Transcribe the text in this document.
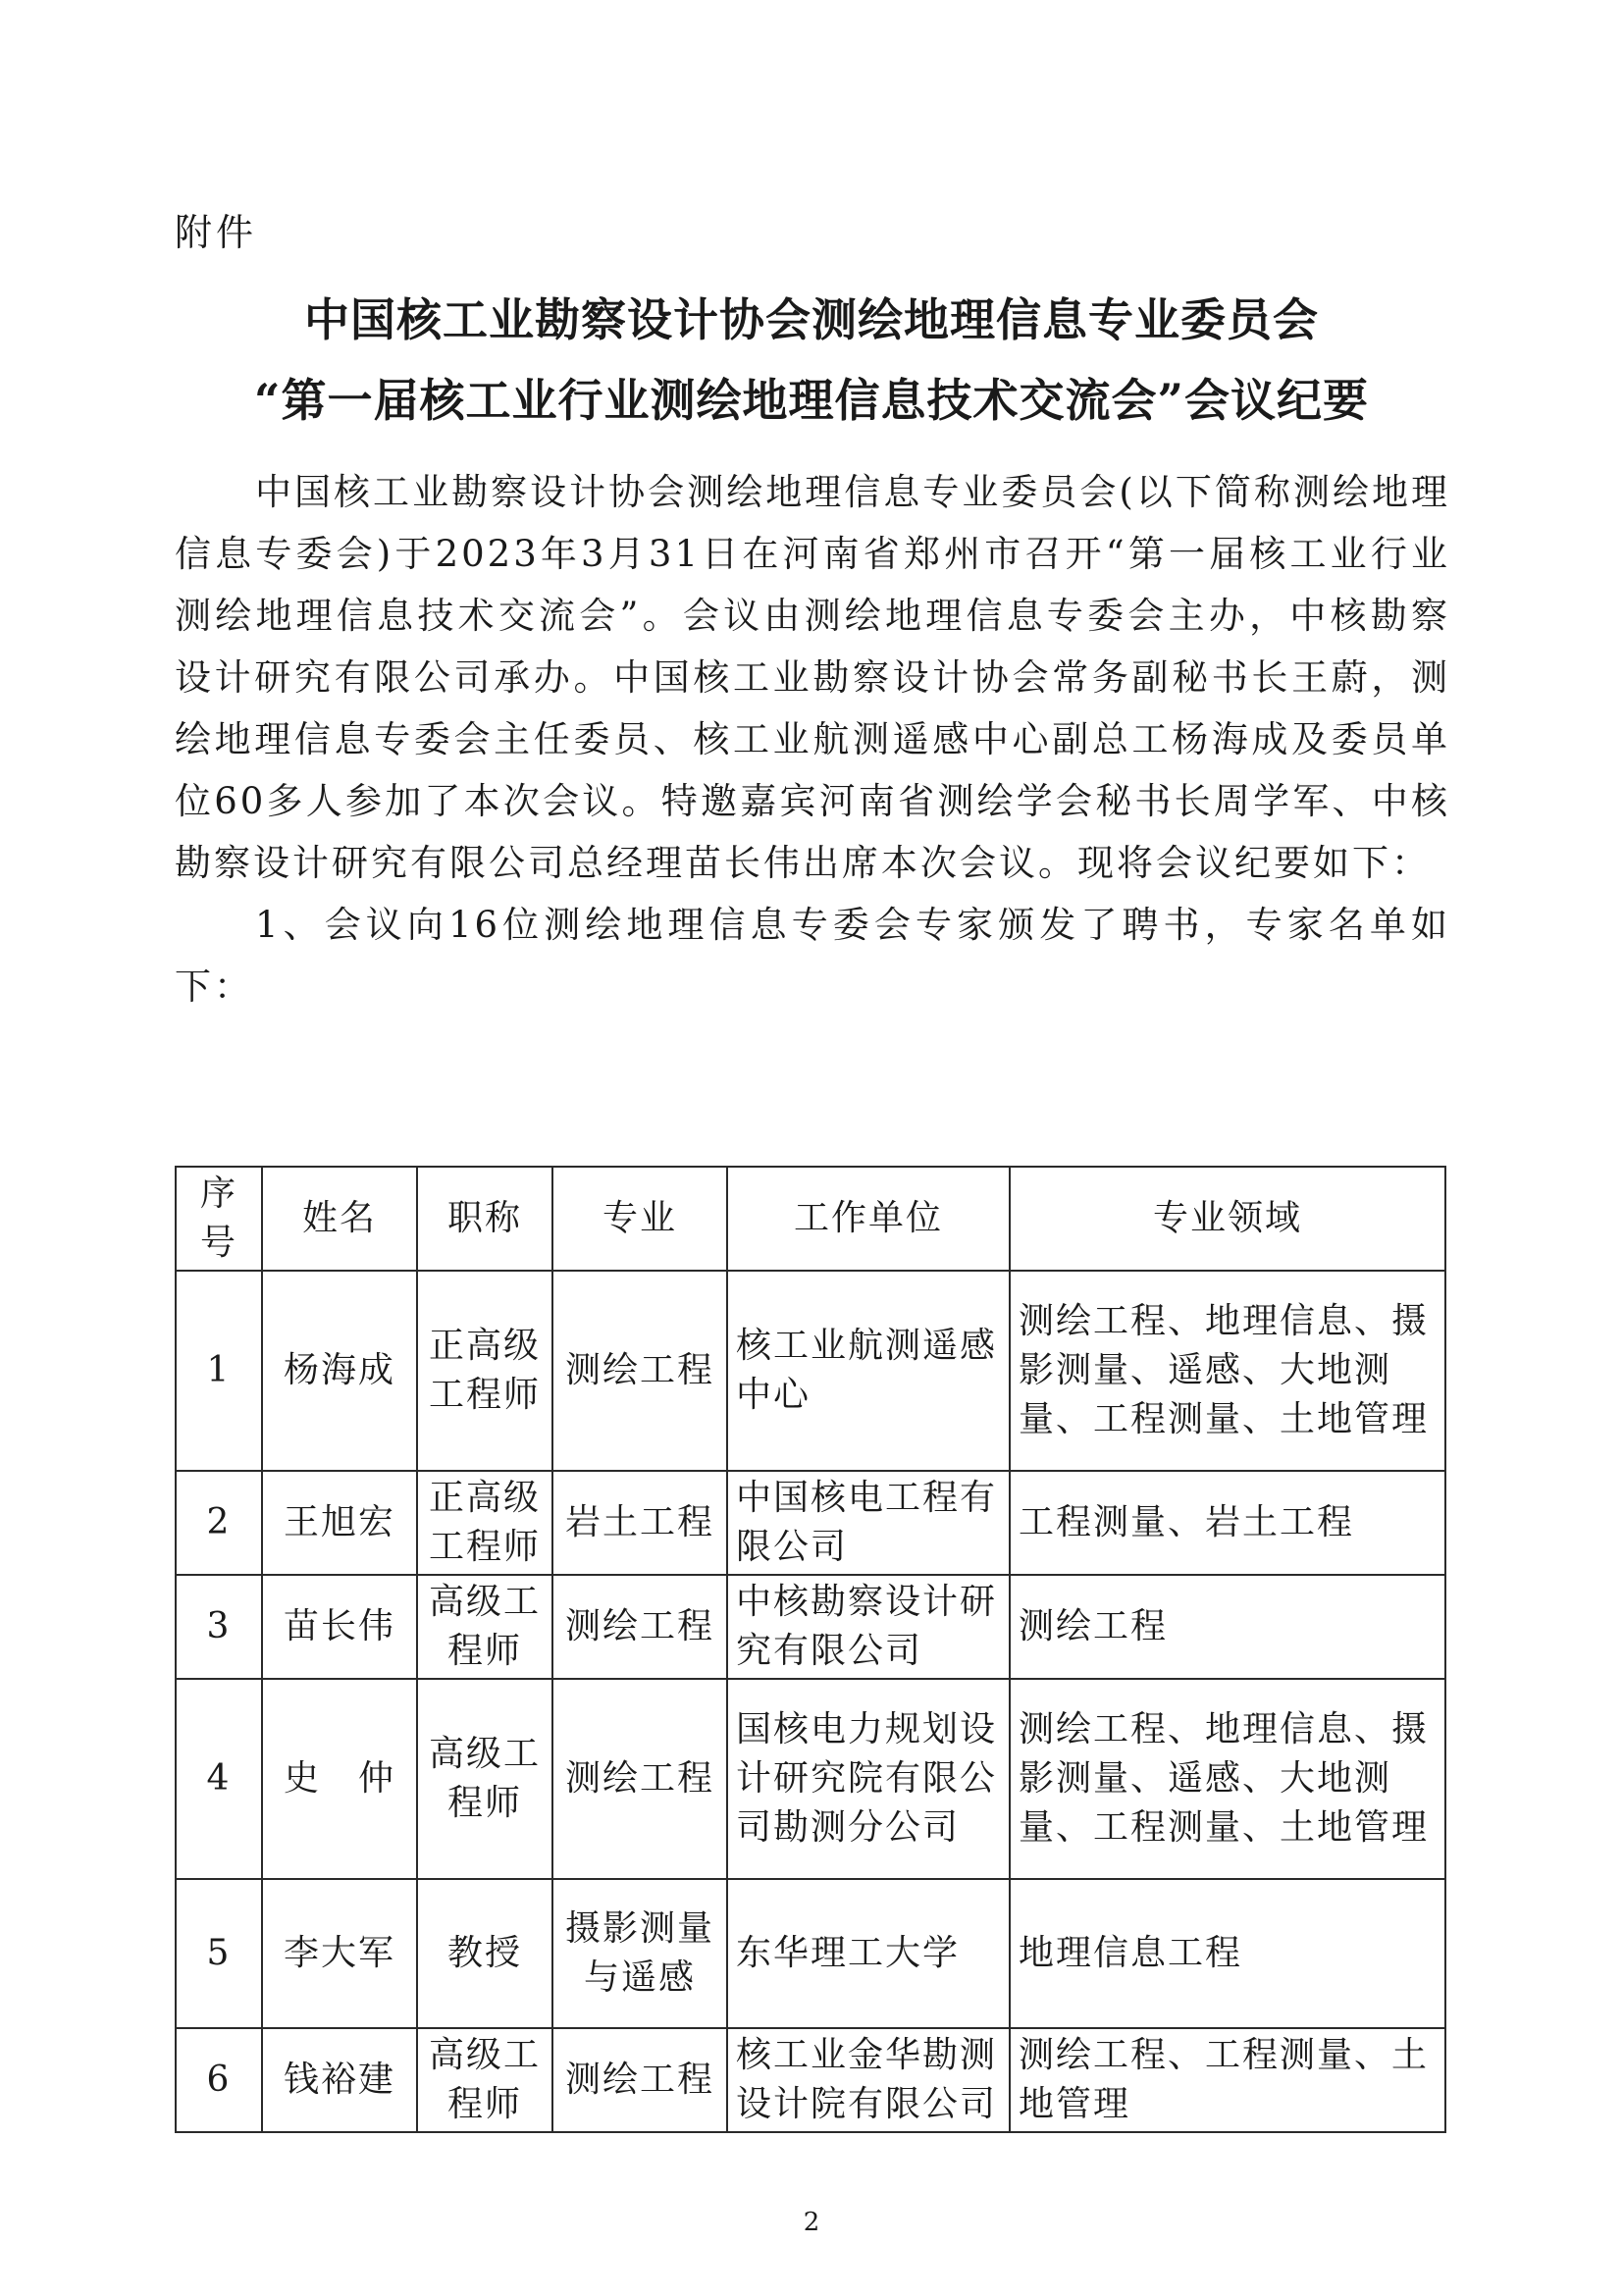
附件
中国核工业勘察设计协会测绘地理信息专业委员会
“第一届核工业行业测绘地理信息技术交流会”会议纪要

中国核工业勘察设计协会测绘地理信息专业委员会(以下简称测绘地理信息专委会)于2023年3月31日在河南省郑州市召开“第一届核工业行业测绘地理信息技术交流会”。会议由测绘地理信息专委会主办，中核勘察设计研究有限公司承办。中国核工业勘察设计协会常务副秘书长王蔚，测绘地理信息专委会主任委员、核工业航测遥感中心副总工杨海成及委员单位60多人参加了本次会议。特邀嘉宾河南省测绘学会秘书长周学军、中核勘察设计研究有限公司总经理苗长伟出席本次会议。现将会议纪要如下：

1、会议向16位测绘地理信息专委会专家颁发了聘书，专家名单如下：

序号	姓名	职称	专业	工作单位	专业领域
1	杨海成	正高级工程师	测绘工程	核工业航测遥感中心	测绘工程、地理信息、摄影测量、遥感、大地测量、工程测量、土地管理
2	王旭宏	正高级工程师	岩土工程	中国核电工程有限公司	工程测量、岩土工程
3	苗长伟	高级工程师	测绘工程	中核勘察设计研究有限公司	测绘工程
4	史　仲	高级工程师	测绘工程	国核电力规划设计研究院有限公司勘测分公司	测绘工程、地理信息、摄影测量、遥感、大地测量、工程测量、土地管理
5	李大军	教授	摄影测量与遥感	东华理工大学	地理信息工程
6	钱裕建	高级工程师	测绘工程	核工业金华勘测设计院有限公司	测绘工程、工程测量、土地管理
2
